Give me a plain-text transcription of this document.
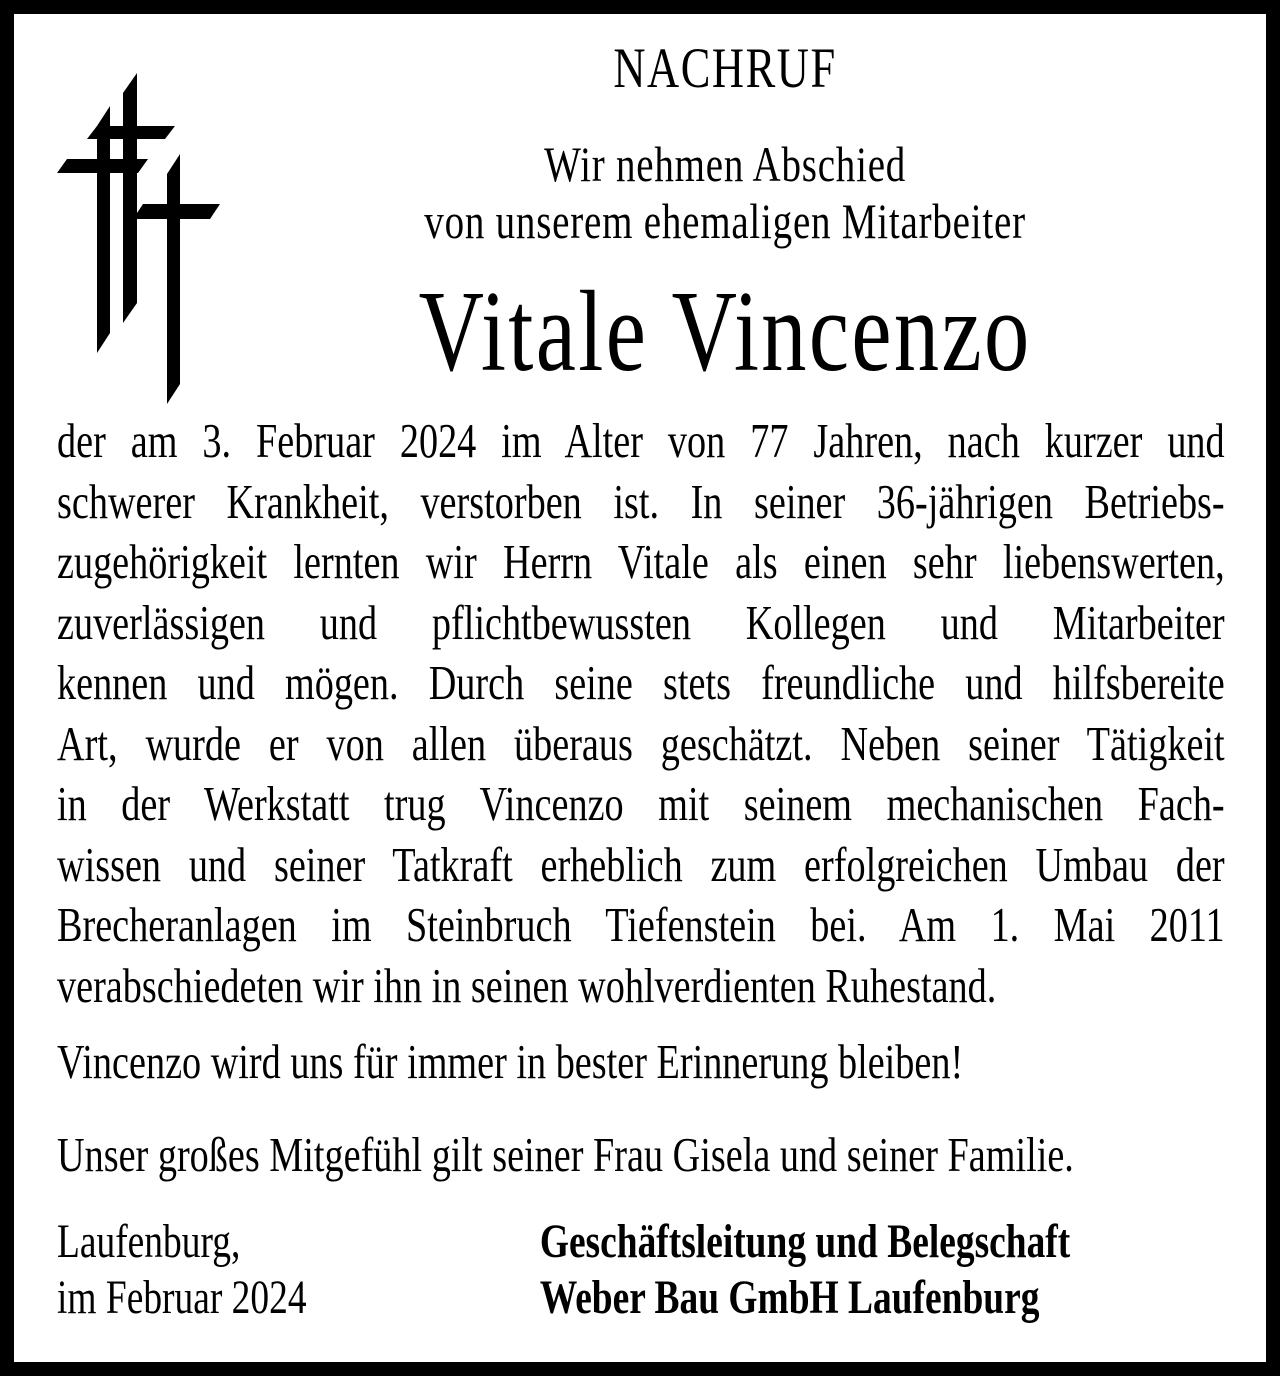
NACHRUF
Wir nehmen Abschied
von unserem ehemaligen Mitarbeiter
Vitale Vincenzo
der am 3. Februar 2024 im Alter von 77 Jahren, nach kurzer und
schwerer Krankheit, verstorben ist. In seiner 36-jährigen Betriebs-
zugehörigkeit lernten wir Herrn Vitale als einen sehr liebenswerten,
zuverlässigen und pflichtbewussten Kollegen und Mitarbeiter
kennen und mögen. Durch seine stets freundliche und hilfsbereite
Art, wurde er von allen überaus geschätzt. Neben seiner Tätigkeit
in der Werkstatt trug Vincenzo mit seinem mechanischen Fach-
wissen und seiner Tatkraft erheblich zum erfolgreichen Umbau der
Brecheranlagen im Steinbruch Tiefenstein bei. Am 1. Mai 2011
verabschiedeten wir ihn in seinen wohlverdienten Ruhestand.
Vincenzo wird uns für immer in bester Erinnerung bleiben!
Unser großes Mitgefühl gilt seiner Frau Gisela und seiner Familie.
Laufenburg,
im Februar 2024
Geschäftsleitung und Belegschaft
Weber Bau GmbH Laufenburg
